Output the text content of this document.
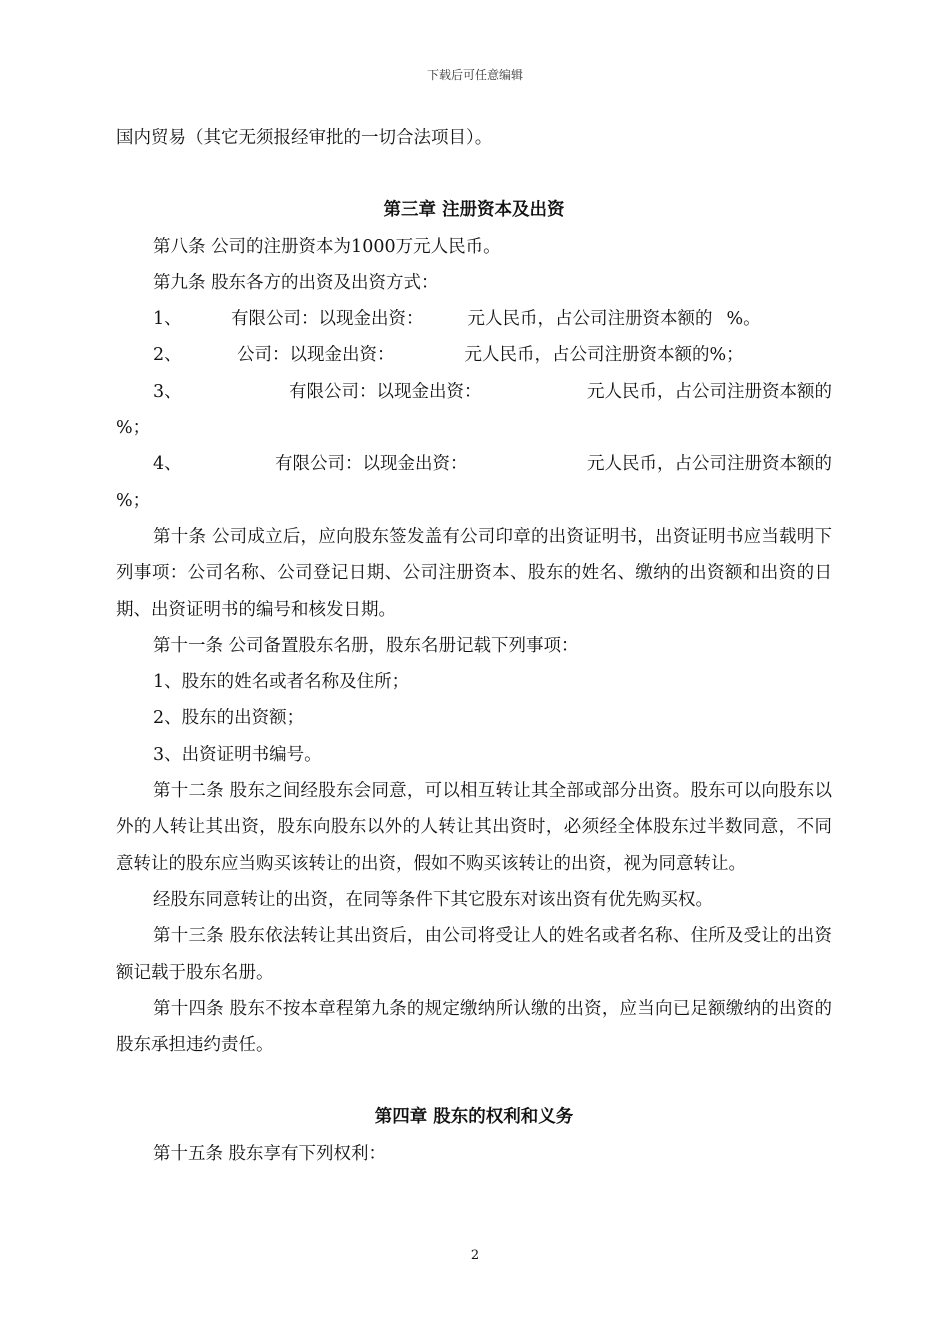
下载后可任意编辑

国内贸易（其它无须报经审批的一切合法项目）。

第三章 注册资本及出资

第八条 公司的注册资本为1000万元人民币。

第九条 股东各方的出资及出资方式：

1、	有限公司：以现金出资：	元人民币，占公司注册资本额的 %。
2、	公司：以现金出资：	元人民币，占公司注册资本额的%；
3、	有限公司：以现金出资：	元人民币，占公司注册资本额的

%；

4、	有限公司：以现金出资：	元人民币，占公司注册资本额的

%；

第十条 公司成立后，应向股东签发盖有公司印章的出资证明书，出资证明书应当载明下列事项：公司名称、公司登记日期、公司注册资本、股东的姓名、缴纳的出资额和出资的日期、出资证明书的编号和核发日期。

第十一条 公司备置股东名册，股东名册记载下列事项：

1、股东的姓名或者名称及住所；

2、股东的出资额；

3、出资证明书编号。

第十二条 股东之间经股东会同意，可以相互转让其全部或部分出资。股东可以向股东以外的人转让其出资，股东向股东以外的人转让其出资时，必须经全体股东过半数同意，不同意转让的股东应当购买该转让的出资，假如不购买该转让的出资，视为同意转让。

经股东同意转让的出资，在同等条件下其它股东对该出资有优先购买权。

第十三条 股东依法转让其出资后，由公司将受让人的姓名或者名称、住所及受让的出资额记载于股东名册。

第十四条 股东不按本章程第九条的规定缴纳所认缴的出资，应当向已足额缴纳的出资的股东承担违约责任。

第四章 股东的权利和义务

第十五条 股东享有下列权利：

2
